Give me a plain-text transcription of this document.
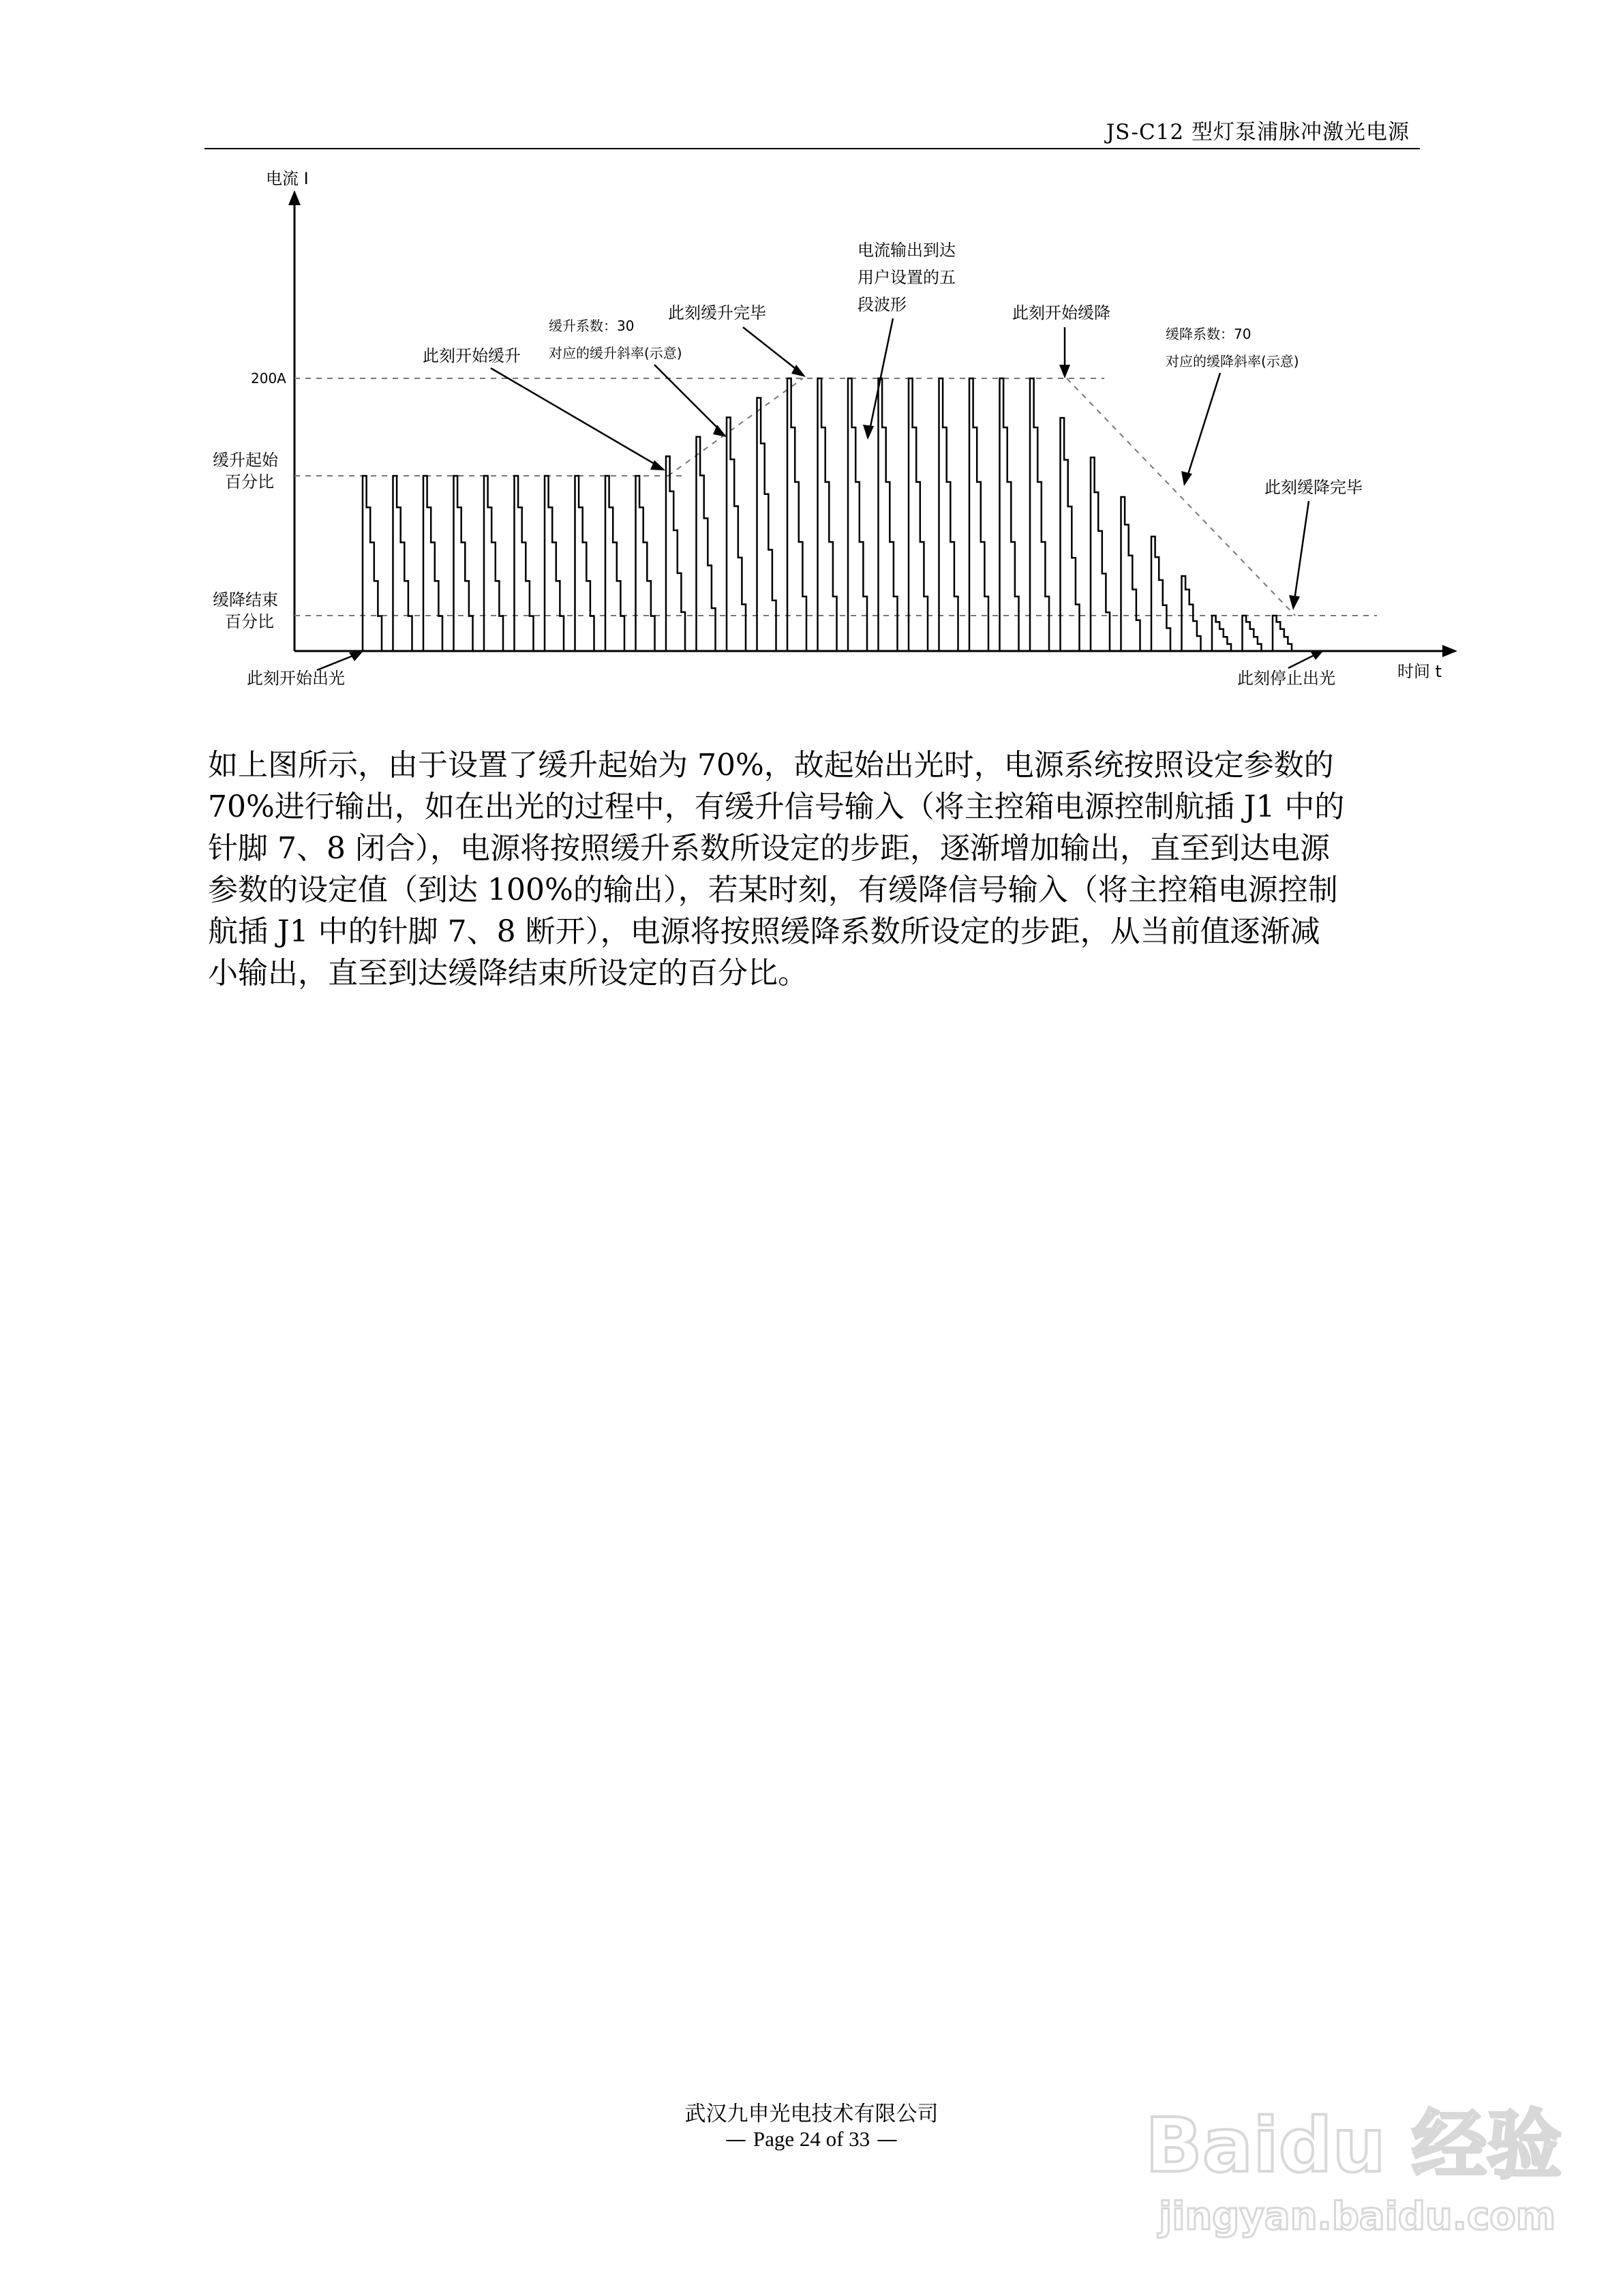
JS-C12 型灯泵浦脉冲激光电源
电流 I
时间 t
200A
缓升起始
百分比
缓降结束
百分比
此刻开始出光	此刻停止出光
此刻开始缓升
缓升系数：30
对应的缓升斜率(示意)
此刻缓升完毕
电流输出到达
用户设置的五
段波形	此刻开始缓降
缓降系数：70
对应的缓降斜率(示意)
此刻缓降完毕
如上图所示，由于设置了缓升起始为 70%，故起始出光时，电源系统按照设定参数的
70%进行输出，如在出光的过程中，有缓升信号输入（将主控箱电源控制航插 J1 中的
针脚 7、8 闭合），电源将按照缓升系数所设定的步距，逐渐增加输出，直至到达电源
参数的设定值（到达 100%的输出），若某时刻，有缓降信号输入（将主控箱电源控制
航插 J1 中的针脚 7、8 断开），电源将按照缓降系数所设定的步距，从当前值逐渐减
小输出，直至到达缓降结束所设定的百分比。
武汉九申光电技术有限公司
— Page 24 of 33 —	Baidu 经验
jingyan.baidu.com
